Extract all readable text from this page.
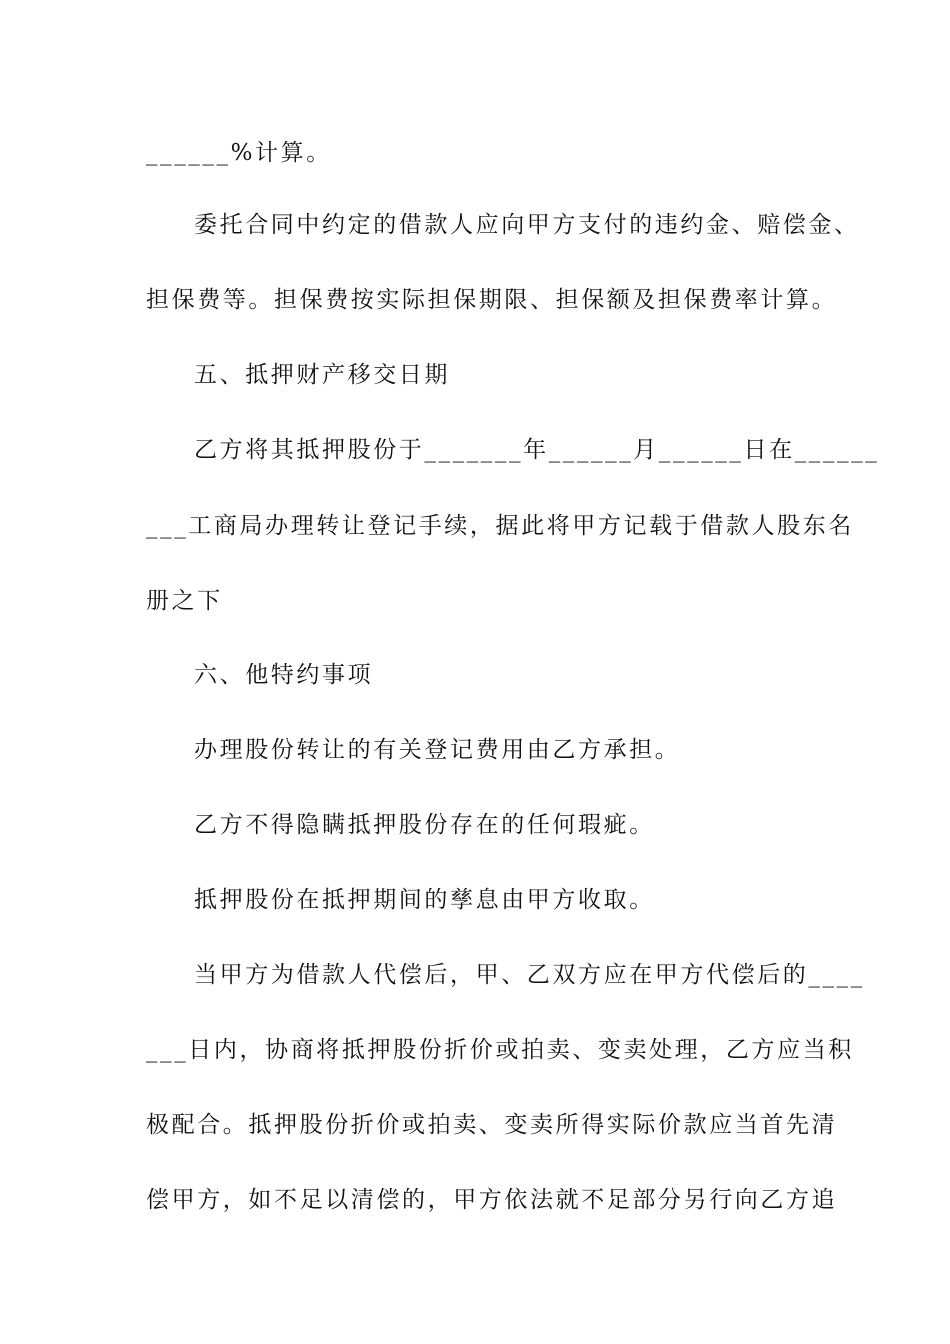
______%计算。
委托合同中约定的借款人应向甲方支付的违约金、赔偿金、
担保费等。担保费按实际担保期限、担保额及担保费率计算。
五、抵押财产移交日期
乙方将其抵押股份于_______年______月______日在______
___工商局办理转让登记手续，据此将甲方记载于借款人股东名
册之下
六、他特约事项
办理股份转让的有关登记费用由乙方承担。
乙方不得隐瞒抵押股份存在的任何瑕疵。
抵押股份在抵押期间的孳息由甲方收取。
当甲方为借款人代偿后，甲、乙双方应在甲方代偿后的____
___日内，协商将抵押股份折价或拍卖、变卖处理，乙方应当积
极配合。抵押股份折价或拍卖、变卖所得实际价款应当首先清
偿甲方，如不足以清偿的，甲方依法就不足部分另行向乙方追
